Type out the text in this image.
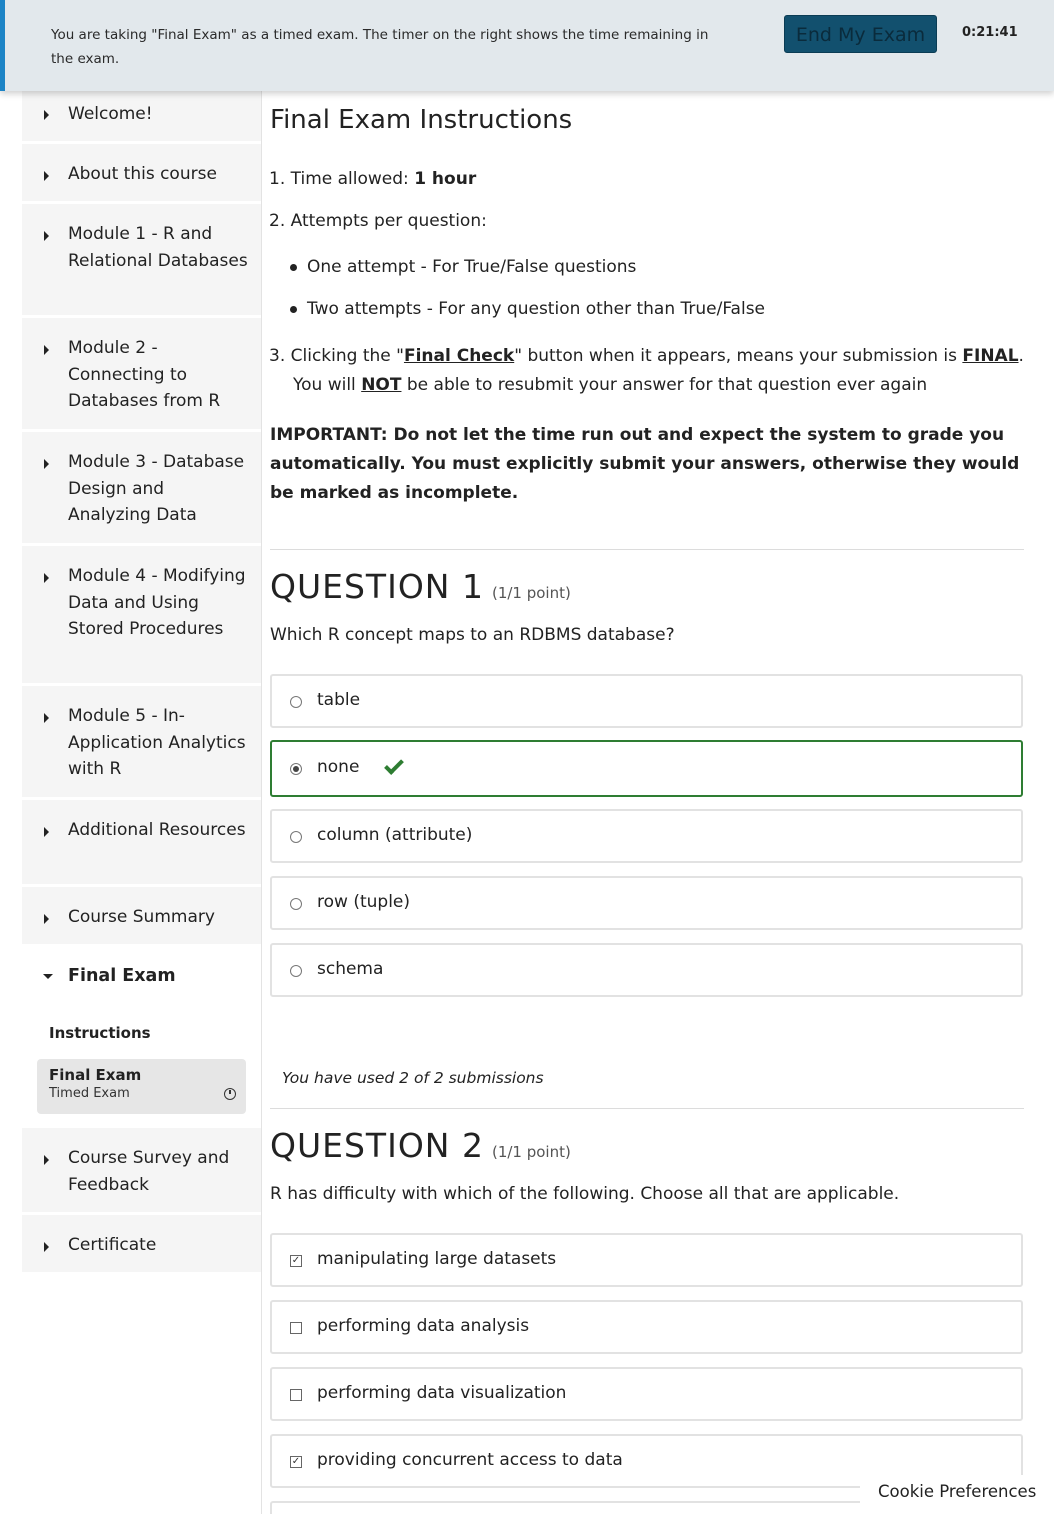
You are taking "Final Exam" as a timed exam. The timer on the right shows the time remaining in the exam.
End My Exam	0:21:41
Welcome!
About this course
Module 1 - R and Relational Databases
Module 2 - Connecting to Databases from R
Module 3 - Database Design and Analyzing Data
Module 4 - Modifying Data and Using Stored Procedures
Module 5 - In-Application Analytics with R
Additional Resources
Course Summary
Final Exam
Instructions
Final Exam
Timed Exam
Course Survey and Feedback
Certificate
Final Exam Instructions
1. Time allowed: 1 hour
2. Attempts per question:
One attempt - For True/False questions
Two attempts - For any question other than True/False
3. Clicking the "Final Check" button when it appears, means your submission is FINAL.
You will NOT be able to resubmit your answer for that question ever again
IMPORTANT: Do not let the time run out and expect the system to grade you automatically. You must explicitly submit your answers, otherwise they would be marked as incomplete.
QUESTION 1 (1/1 point)
Which R concept maps to an RDBMS database?
table
none
column (attribute)
row (tuple)
schema
You have used 2 of 2 submissions
QUESTION 2 (1/1 point)
R has difficulty with which of the following. Choose all that are applicable.
✓ manipulating large datasets
performing data analysis
performing data visualization
✓ providing concurrent access to data
Cookie Preferences
